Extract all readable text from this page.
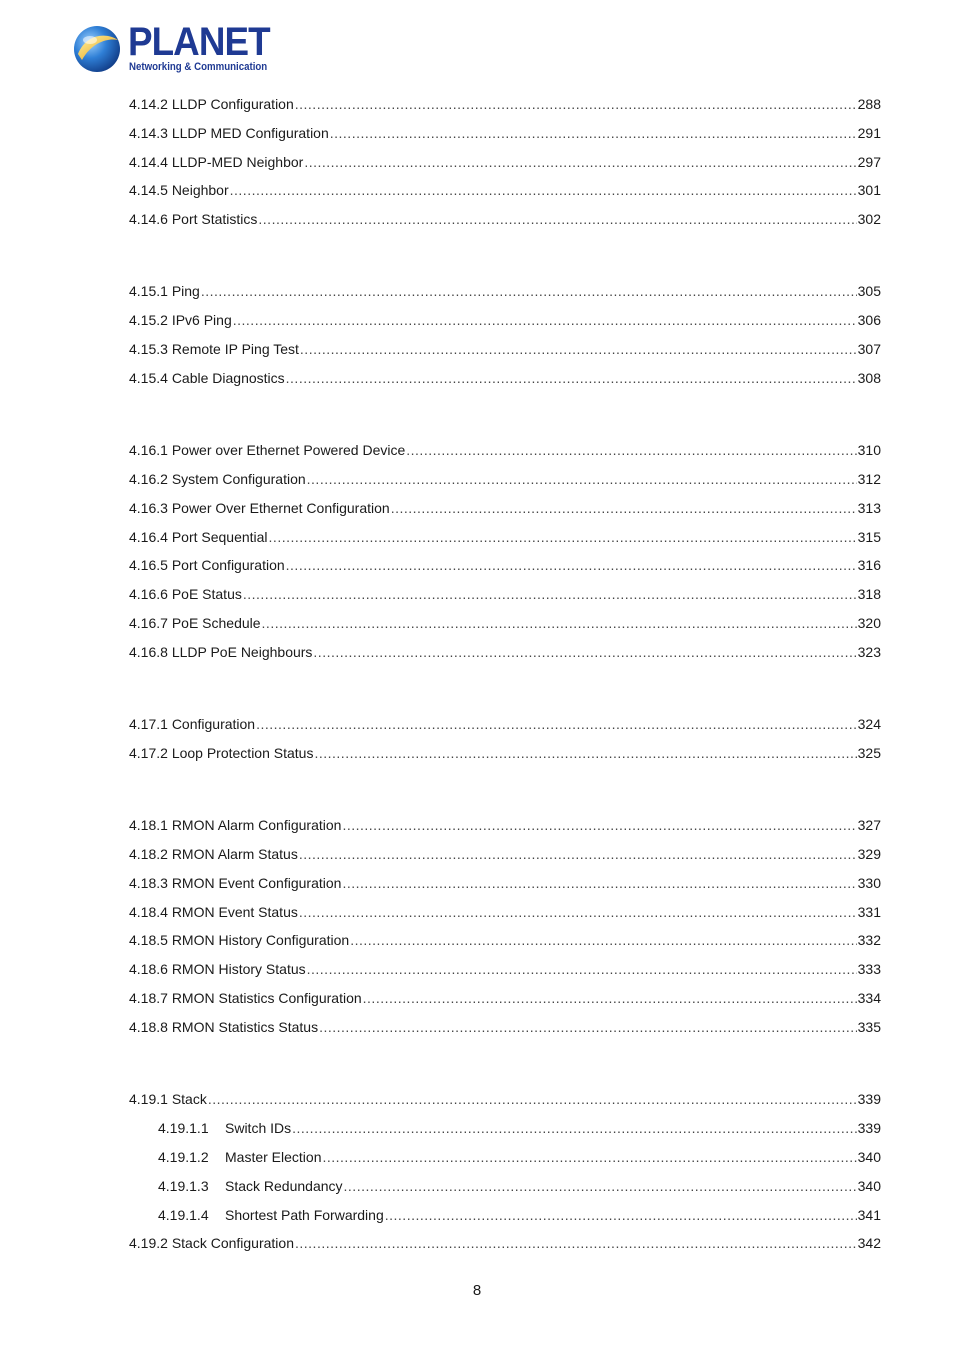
PLANET
Networking & Communication
4.14.2 LLDP Configuration .....	288
4.14.3 LLDP MED Configuration .....	291
4.14.4 LLDP-MED Neighbor .....	297
4.14.5 Neighbor .....	301
4.14.6 Port Statistics .....	302
4.15.1 Ping .....	305
4.15.2 IPv6 Ping .....	306
4.15.3 Remote IP Ping Test .....	307
4.15.4 Cable Diagnostics .....	308
4.16.1 Power over Ethernet Powered Device .....	310
4.16.2 System Configuration .....	312
4.16.3 Power Over Ethernet Configuration .....	313
4.16.4 Port Sequential .....	315
4.16.5 Port Configuration .....	316
4.16.6 PoE Status .....	318
4.16.7 PoE Schedule .....	320
4.16.8 LLDP PoE Neighbours .....	323
4.17.1 Configuration .....	324
4.17.2 Loop Protection Status .....	325
4.18.1 RMON Alarm Configuration .....	327
4.18.2 RMON Alarm Status .....	329
4.18.3 RMON Event Configuration .....	330
4.18.4 RMON Event Status .....	331
4.18.5 RMON History Configuration .....	332
4.18.6 RMON History Status .....	333
4.18.7 RMON Statistics Configuration .....	334
4.18.8 RMON Statistics Status .....	335
4.19.1 Stack .....	339
4.19.1.1	Switch IDs .....	339
4.19.1.2	Master Election .....	340
4.19.1.3	Stack Redundancy .....	340
4.19.1.4	Shortest Path Forwarding .....	341
4.19.2 Stack Configuration .....	342
8
